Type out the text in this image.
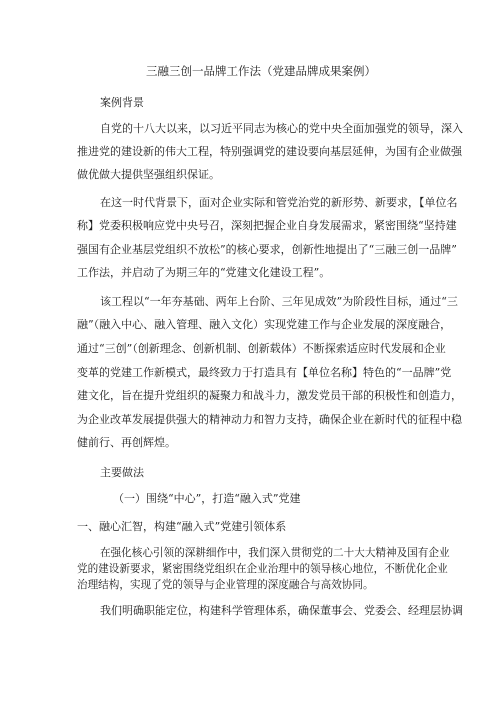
三融三创一品牌工作法（党建品牌成果案例）

案例背景

自党的十八大以来，以习近平同志为核心的党中央全面加强党的领导，深入

推进党的建设新的伟大工程，特别强调党的建设要向基层延伸，为国有企业做强

做优做大提供坚强组织保证。

在这一时代背景下，面对企业实际和管党治党的新形势、新要求，【单位名

称】党委积极响应党中央号召，深刻把握企业自身发展需求，紧密围绕“坚持建

强国有企业基层党组织不放松”的核心要求，创新性地提出了“三融三创一品牌”

工作法，并启动了为期三年的“党建文化建设工程”。

该工程以“一年夯基础、两年上台阶、三年见成效”为阶段性目标，通过“三

融”（融入中心、融入管理、融入文化）实现党建工作与企业发展的深度融合，

通过“三创”（创新理念、创新机制、创新载体）不断探索适应时代发展和企业

变革的党建工作新模式，最终致力于打造具有【单位名称】特色的“一品牌”党

建文化，旨在提升党组织的凝聚力和战斗力，激发党员干部的积极性和创造力，

为企业改革发展提供强大的精神动力和智力支持，确保企业在新时代的征程中稳

健前行、再创辉煌。

主要做法

（一）围绕“中心”，打造“融入式”党建

一、融心汇智，构建“融入式”党建引领体系

在强化核心引领的深耕细作中，我们深入贯彻党的二十大大精神及国有企业

党的建设新要求，紧密围绕党组织在企业治理中的领导核心地位，不断优化企业

治理结构，实现了党的领导与企业管理的深度融合与高效协同。

我们明确职能定位，构建科学管理体系，确保董事会、党委会、经理层协调
